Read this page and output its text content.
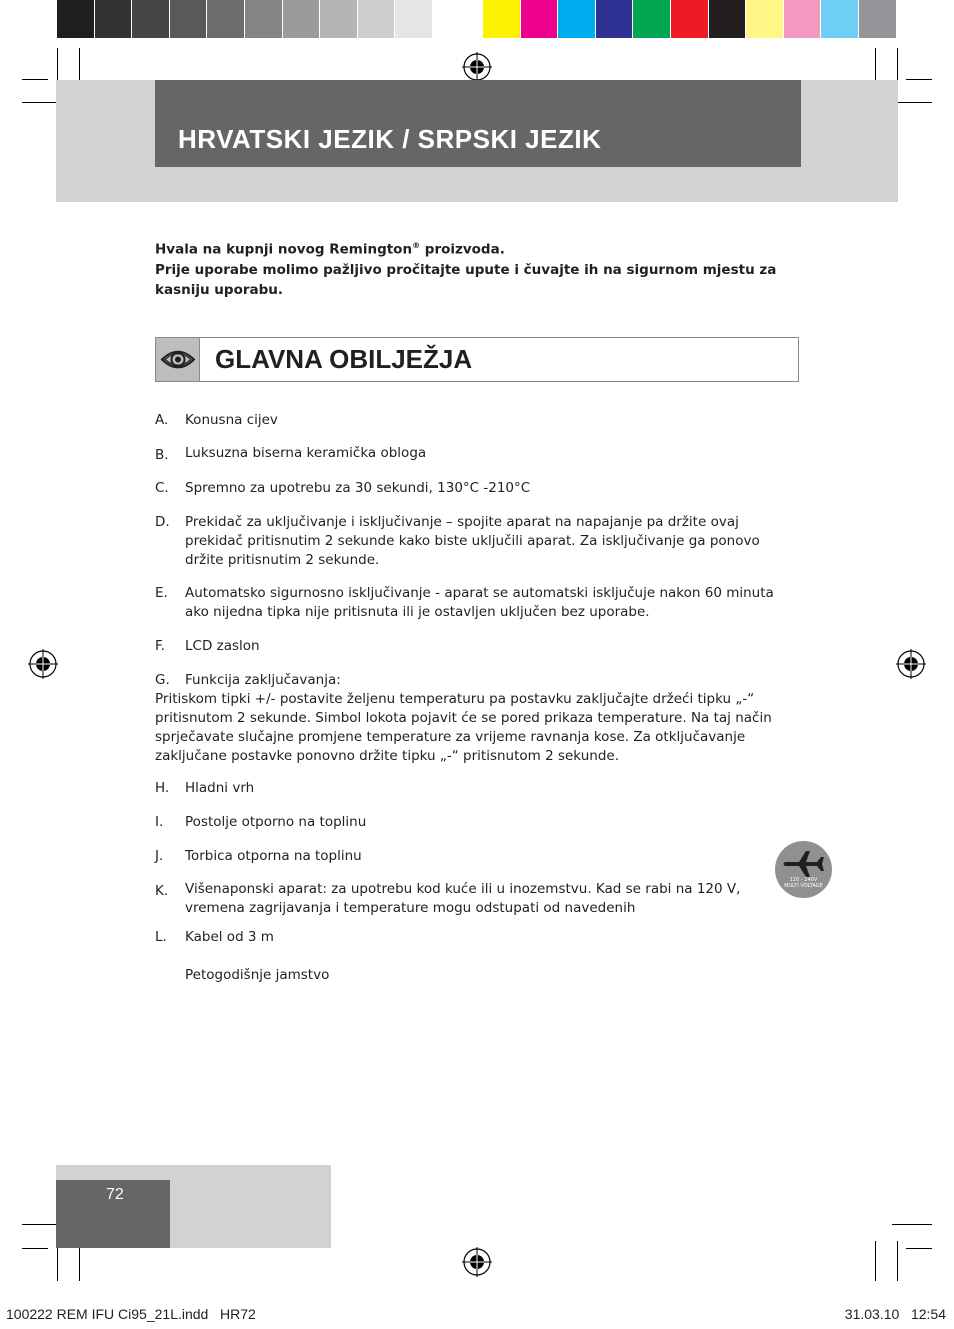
HRVATSKI JEZIK / SRPSKI JEZIK
Hvala na kupnji novog Remington® proizvoda.
Prije uporabe molimo pažljivo pročitajte upute i čuvajte ih na sigurnom mjestu za kasniju uporabu.
GLAVNA OBILJEŽJA
A.	Konusna cijev
B.	Luksuzna biserna keramička obloga
C.	Spremno za upotrebu za 30 sekundi, 130°C -210°C
D.	Prekidač za uključivanje i isključivanje – spojite aparat na napajanje pa držite ovaj prekidač pritisnutim 2 sekunde kako biste uključili aparat. Za isključivanje ga ponovo držite pritisnutim 2 sekunde.
E.	Automatsko sigurnosno isključivanje - aparat se automatski isključuje nakon 60 minuta ako nijedna tipka nije pritisnuta ili je ostavljen uključen bez uporabe.
F.	LCD zaslon
G.	Funkcija zaključavanja:
Pritiskom tipki +/- postavite željenu temperaturu pa postavku zaključajte držeći tipku „-“ pritisnutom 2 sekunde. Simbol lokota pojavit će se pored prikaza temperature. Na taj način sprječavate slučajne promjene temperature za vrijeme ravnanja kose. Za otključavanje zaključane postavke ponovno držite tipku „-“ pritisnutom 2 sekunde.
H.	Hladni vrh
I.	Postolje otporno na toplinu
J.	Torbica otporna na toplinu
K.	Višenaponski aparat: za upotrebu kod kuće ili u inozemstvu. Kad se rabi na 120 V, vremena zagrijavanja i temperature mogu odstupati od navedenih
L.	Kabel od 3 m
Petogodišnje jamstvo
120 - 240V
MULTI VOLTAGE
72
100222 REM IFU Ci95_21L.indd   HR72	31.03.10   12:54
